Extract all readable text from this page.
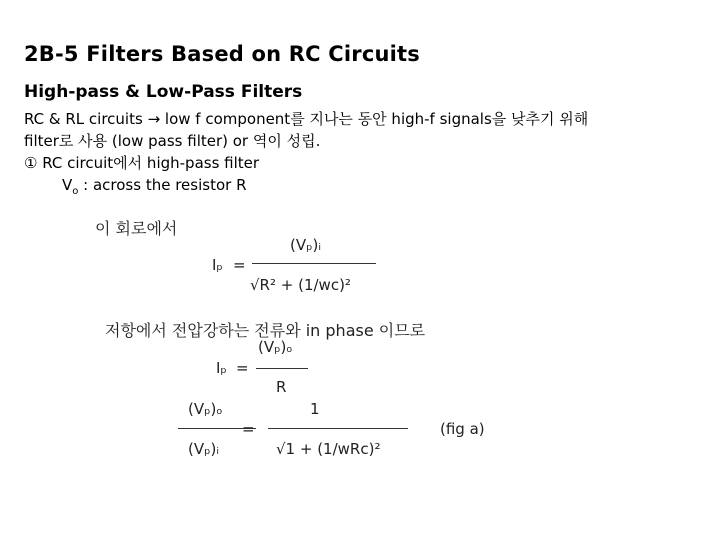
2B-5 Filters Based on RC Circuits
High-pass & Low-Pass Filters
RC & RL circuits → low f component를 지나는 동안 high-f signals을 낮추기 위해
filter로 사용 (low pass filter) or 역이 성립.
① RC circuit에서 high-pass filter
$V_o$ : across the resistor R
이 회로에서
(Vₚ)ᵢ
Iₚ =
√R² + (1/wc)²
저항에서 전압강하는 전류와 in phase 이므로
(Vₚ)ₒ
Iₚ =
R
(Vₚ)ₒ
(Vₚ)ᵢ
=
1
√1 + (1/wRc)²
(fig a)
